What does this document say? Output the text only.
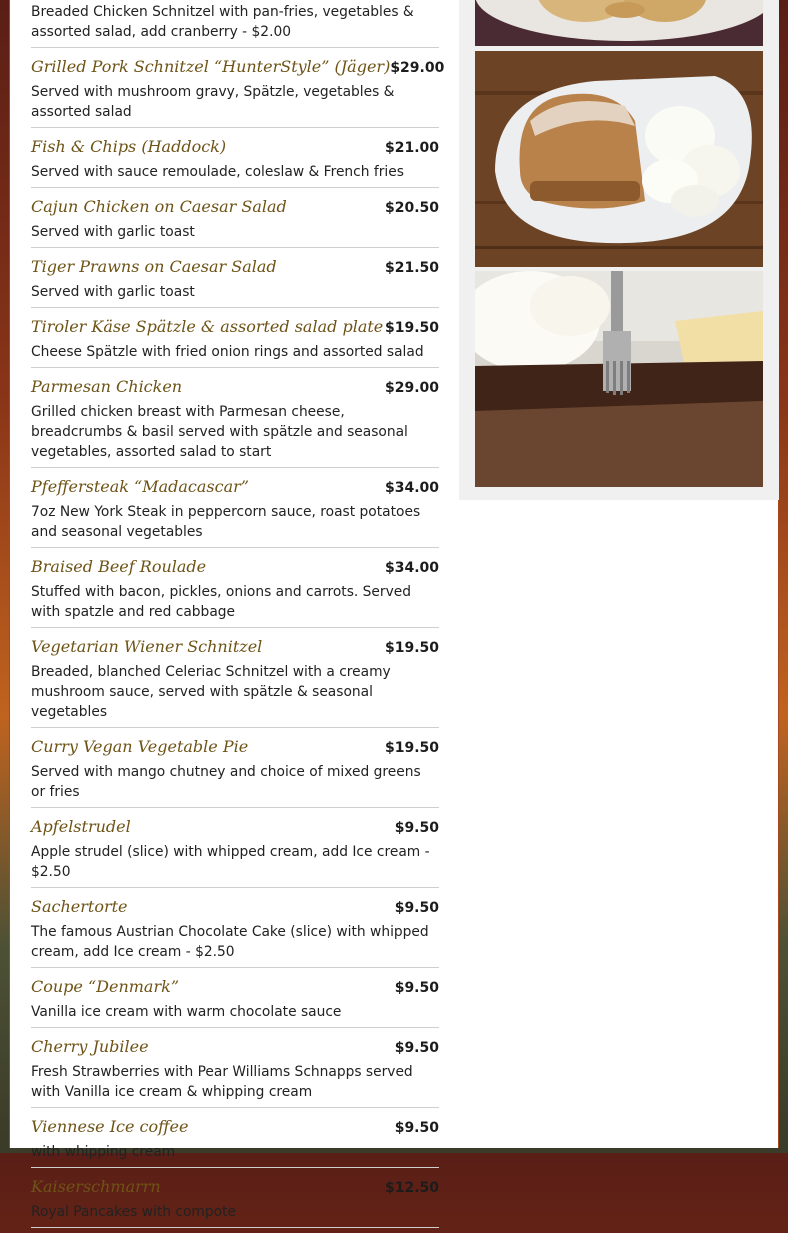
Breaded Chicken Schnitzel with pan-fries, vegetables & assorted salad, add cranberry - $2.00
Grilled Pork Schnitzel “HunterStyle” (Jäger) $29.00
Served with mushroom gravy, Spätzle, vegetables & assorted salad
Fish & Chips (Haddock)	$21.00
Served with sauce remoulade, coleslaw & French fries
Cajun Chicken on Caesar Salad	$20.50
Served with garlic toast
Tiger Prawns on Caesar Salad	$21.50
Served with garlic toast
Tiroler Käse Spätzle & assorted salad plate $19.50
Cheese Spätzle with fried onion rings and assorted salad
Parmesan Chicken	$29.00
Grilled chicken breast with Parmesan cheese, breadcrumbs & basil served with spätzle and seasonal vegetables, assorted salad to start
Pfeffersteak “Madacascar”	$34.00
7oz New York Steak in peppercorn sauce, roast potatoes and seasonal vegetables
Braised Beef Roulade	$34.00
Stuffed with bacon, pickles, onions and carrots. Served with spatzle and red cabbage
Vegetarian Wiener Schnitzel	$19.50
Breaded, blanched Celeriac Schnitzel with a creamy mushroom sauce, served with spätzle & seasonal vegetables
Curry Vegan Vegetable Pie	$19.50
Served with mango chutney and choice of mixed greens or fries
Apfelstrudel	$9.50
Apple strudel (slice) with whipped cream, add Ice cream - $2.50
Sachertorte	$9.50
The famous Austrian Chocolate Cake (slice) with whipped cream, add Ice cream - $2.50
Coupe “Denmark”	$9.50
Vanilla ice cream with warm chocolate sauce
Cherry Jubilee	$9.50
Fresh Strawberries with Pear Williams Schnapps served with Vanilla ice cream & whipping cream
Viennese Ice coffee	$9.50
with whipping cream
Kaiserschmarrn	$12.50
Royal Pancakes with compote
